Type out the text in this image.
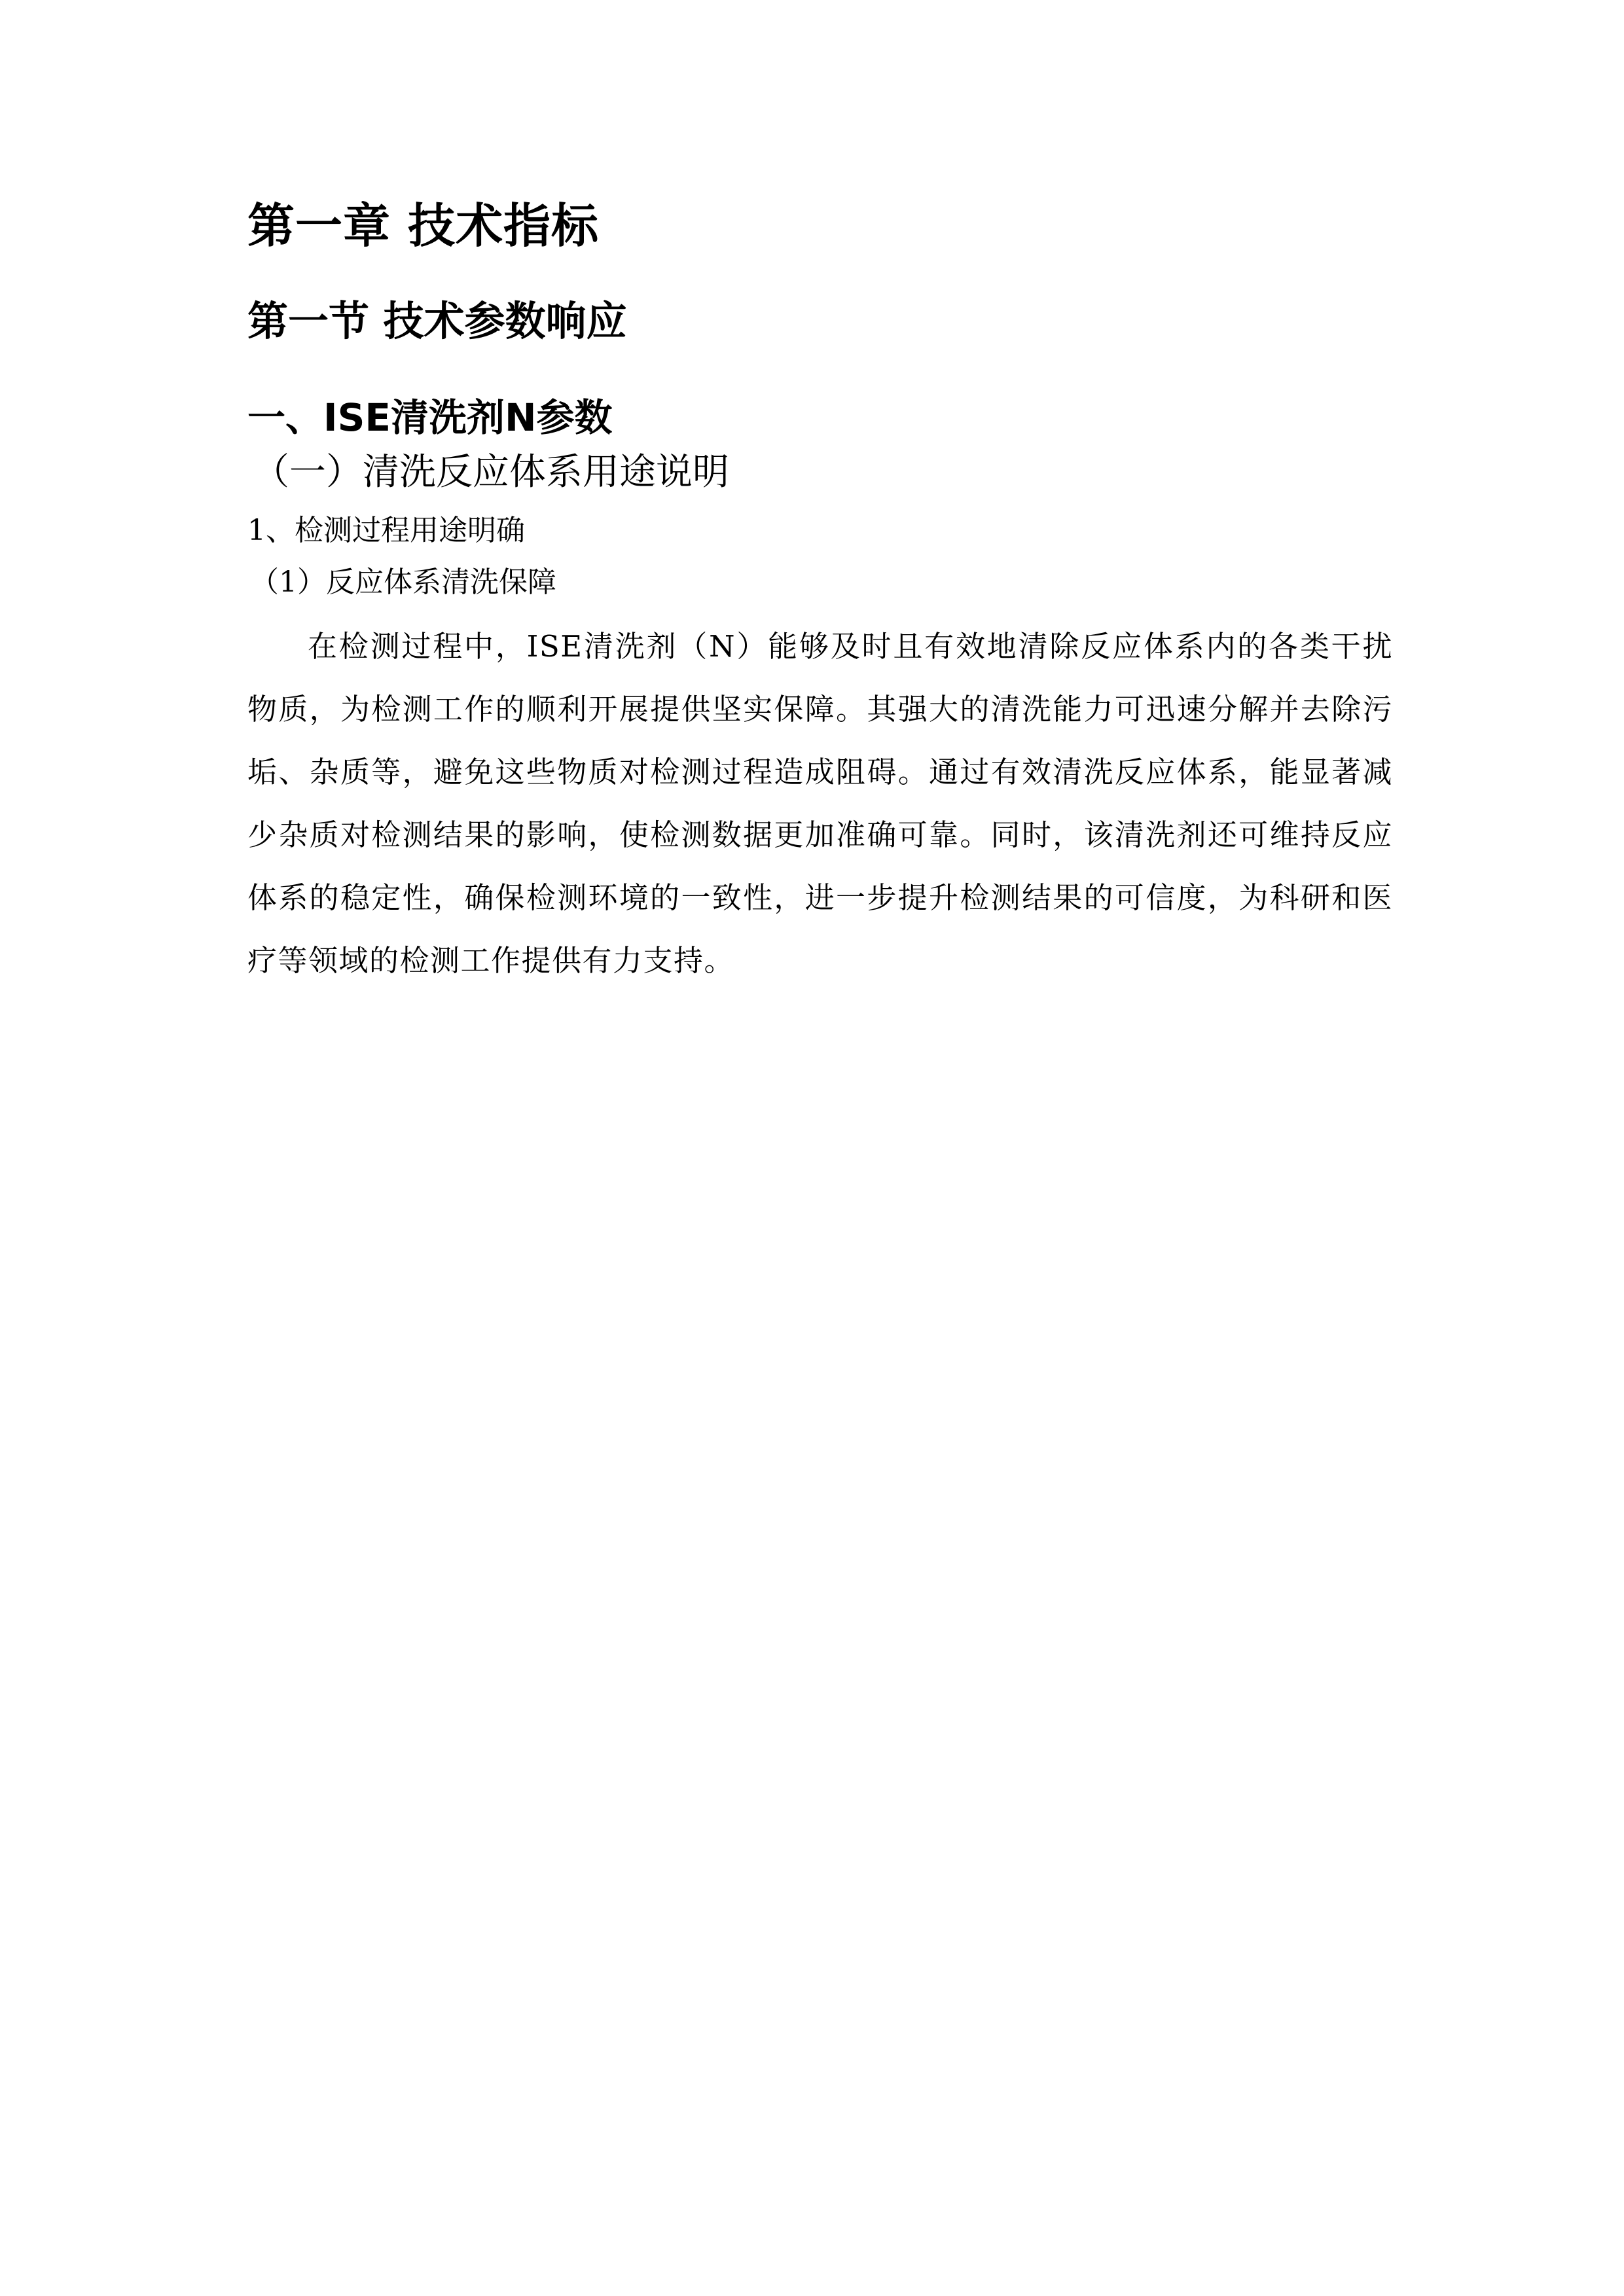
第一章 技术指标
第一节 技术参数响应
一、ISE清洗剂N参数
（一）清洗反应体系用途说明
1、检测过程用途明确
（1）反应体系清洗保障

在检测过程中，ISE清洗剂（N）能够及时且有效地清除反应体系内的各类干扰物质，为检测工作的顺利开展提供坚实保障。其强大的清洗能力可迅速分解并去除污垢、杂质等，避免这些物质对检测过程造成阻碍。通过有效清洗反应体系，能显著减少杂质对检测结果的影响，使检测数据更加准确可靠。同时，该清洗剂还可维持反应体系的稳定性，确保检测环境的一致性，进一步提升检测结果的可信度，为科研和医疗等领域的检测工作提供有力支持。
